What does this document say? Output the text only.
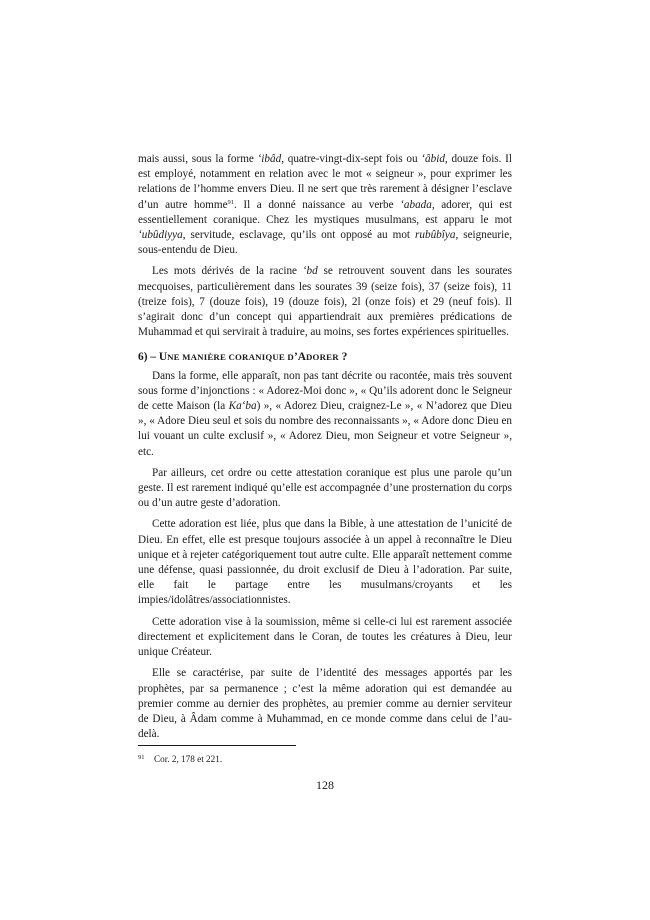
mais aussi, sous la forme ‘ibâd, quatre-vingt-dix-sept fois ou ‘âbid, douze fois. Il est employé, notamment en relation avec le mot « seigneur », pour exprimer les relations de l’homme envers Dieu. Il ne sert que très rarement à désigner l’esclave d’un autre homme$^{91}$. Il a donné naissance au verbe ‘abada, adorer, qui est essentiellement coranique. Chez les mystiques musulmans, est apparu le mot ‘ubûdiyya, servitude, esclavage, qu’ils ont opposé au mot rubûbîya, seigneurie, sous-entendu de Dieu.

Les mots dérivés de la racine ‘bd se retrouvent souvent dans les sourates mecquoises, particulièrement dans les sourates 39 (seize fois), 37 (seize fois), 11 (treize fois), 7 (douze fois), 19 (douze fois), 2l (onze fois) et 29 (neuf fois). Il s’agirait donc d’un concept qui appartiendrait aux premières prédications de Muhammad et qui servirait à traduire, au moins, ses fortes expériences spirituelles.

6) – UNE MANIÈRE CORANIQUE D’ADORER ?

Dans la forme, elle apparaît, non pas tant décrite ou racontée, mais très souvent sous forme d’injonctions : « Adorez-Moi donc », « Qu’ils adorent donc le Seigneur de cette Maison (la Ka‘ba) », « Adorez Dieu, craignez-Le », « N’adorez que Dieu », « Adore Dieu seul et sois du nombre des reconnaissants », « Adore donc Dieu en lui vouant un culte exclusif », « Adorez Dieu, mon Seigneur et votre Seigneur », etc.

Par ailleurs, cet ordre ou cette attestation coranique est plus une parole qu’un geste. Il est rarement indiqué qu’elle est accompagnée d’une prosternation du corps ou d’un autre geste d’adoration.

Cette adoration est liée, plus que dans la Bible, à une attestation de l’unicité de Dieu. En effet, elle est presque toujours associée à un appel à reconnaître le Dieu unique et à rejeter catégoriquement tout autre culte. Elle apparaît nettement comme une défense, quasi passionnée, du droit exclusif de Dieu à l’adoration. Par suite, elle fait le partage entre les musulmans/croyants et les impies/idolâtres/associationnistes.

Cette adoration vise à la soumission, même si celle-ci lui est rarement associée directement et explicitement dans le Coran, de toutes les créatures à Dieu, leur unique Créateur.

Elle se caractérise, par suite de l’identité des messages apportés par les prophètes, par sa permanence ; c’est la même adoration qui est demandée au premier comme au dernier des prophètes, au premier comme au dernier serviteur de Dieu, à Âdam comme à Muhammad, en ce monde comme dans celui de l’au-delà.

91 Cor. 2, 178 et 221.
128
